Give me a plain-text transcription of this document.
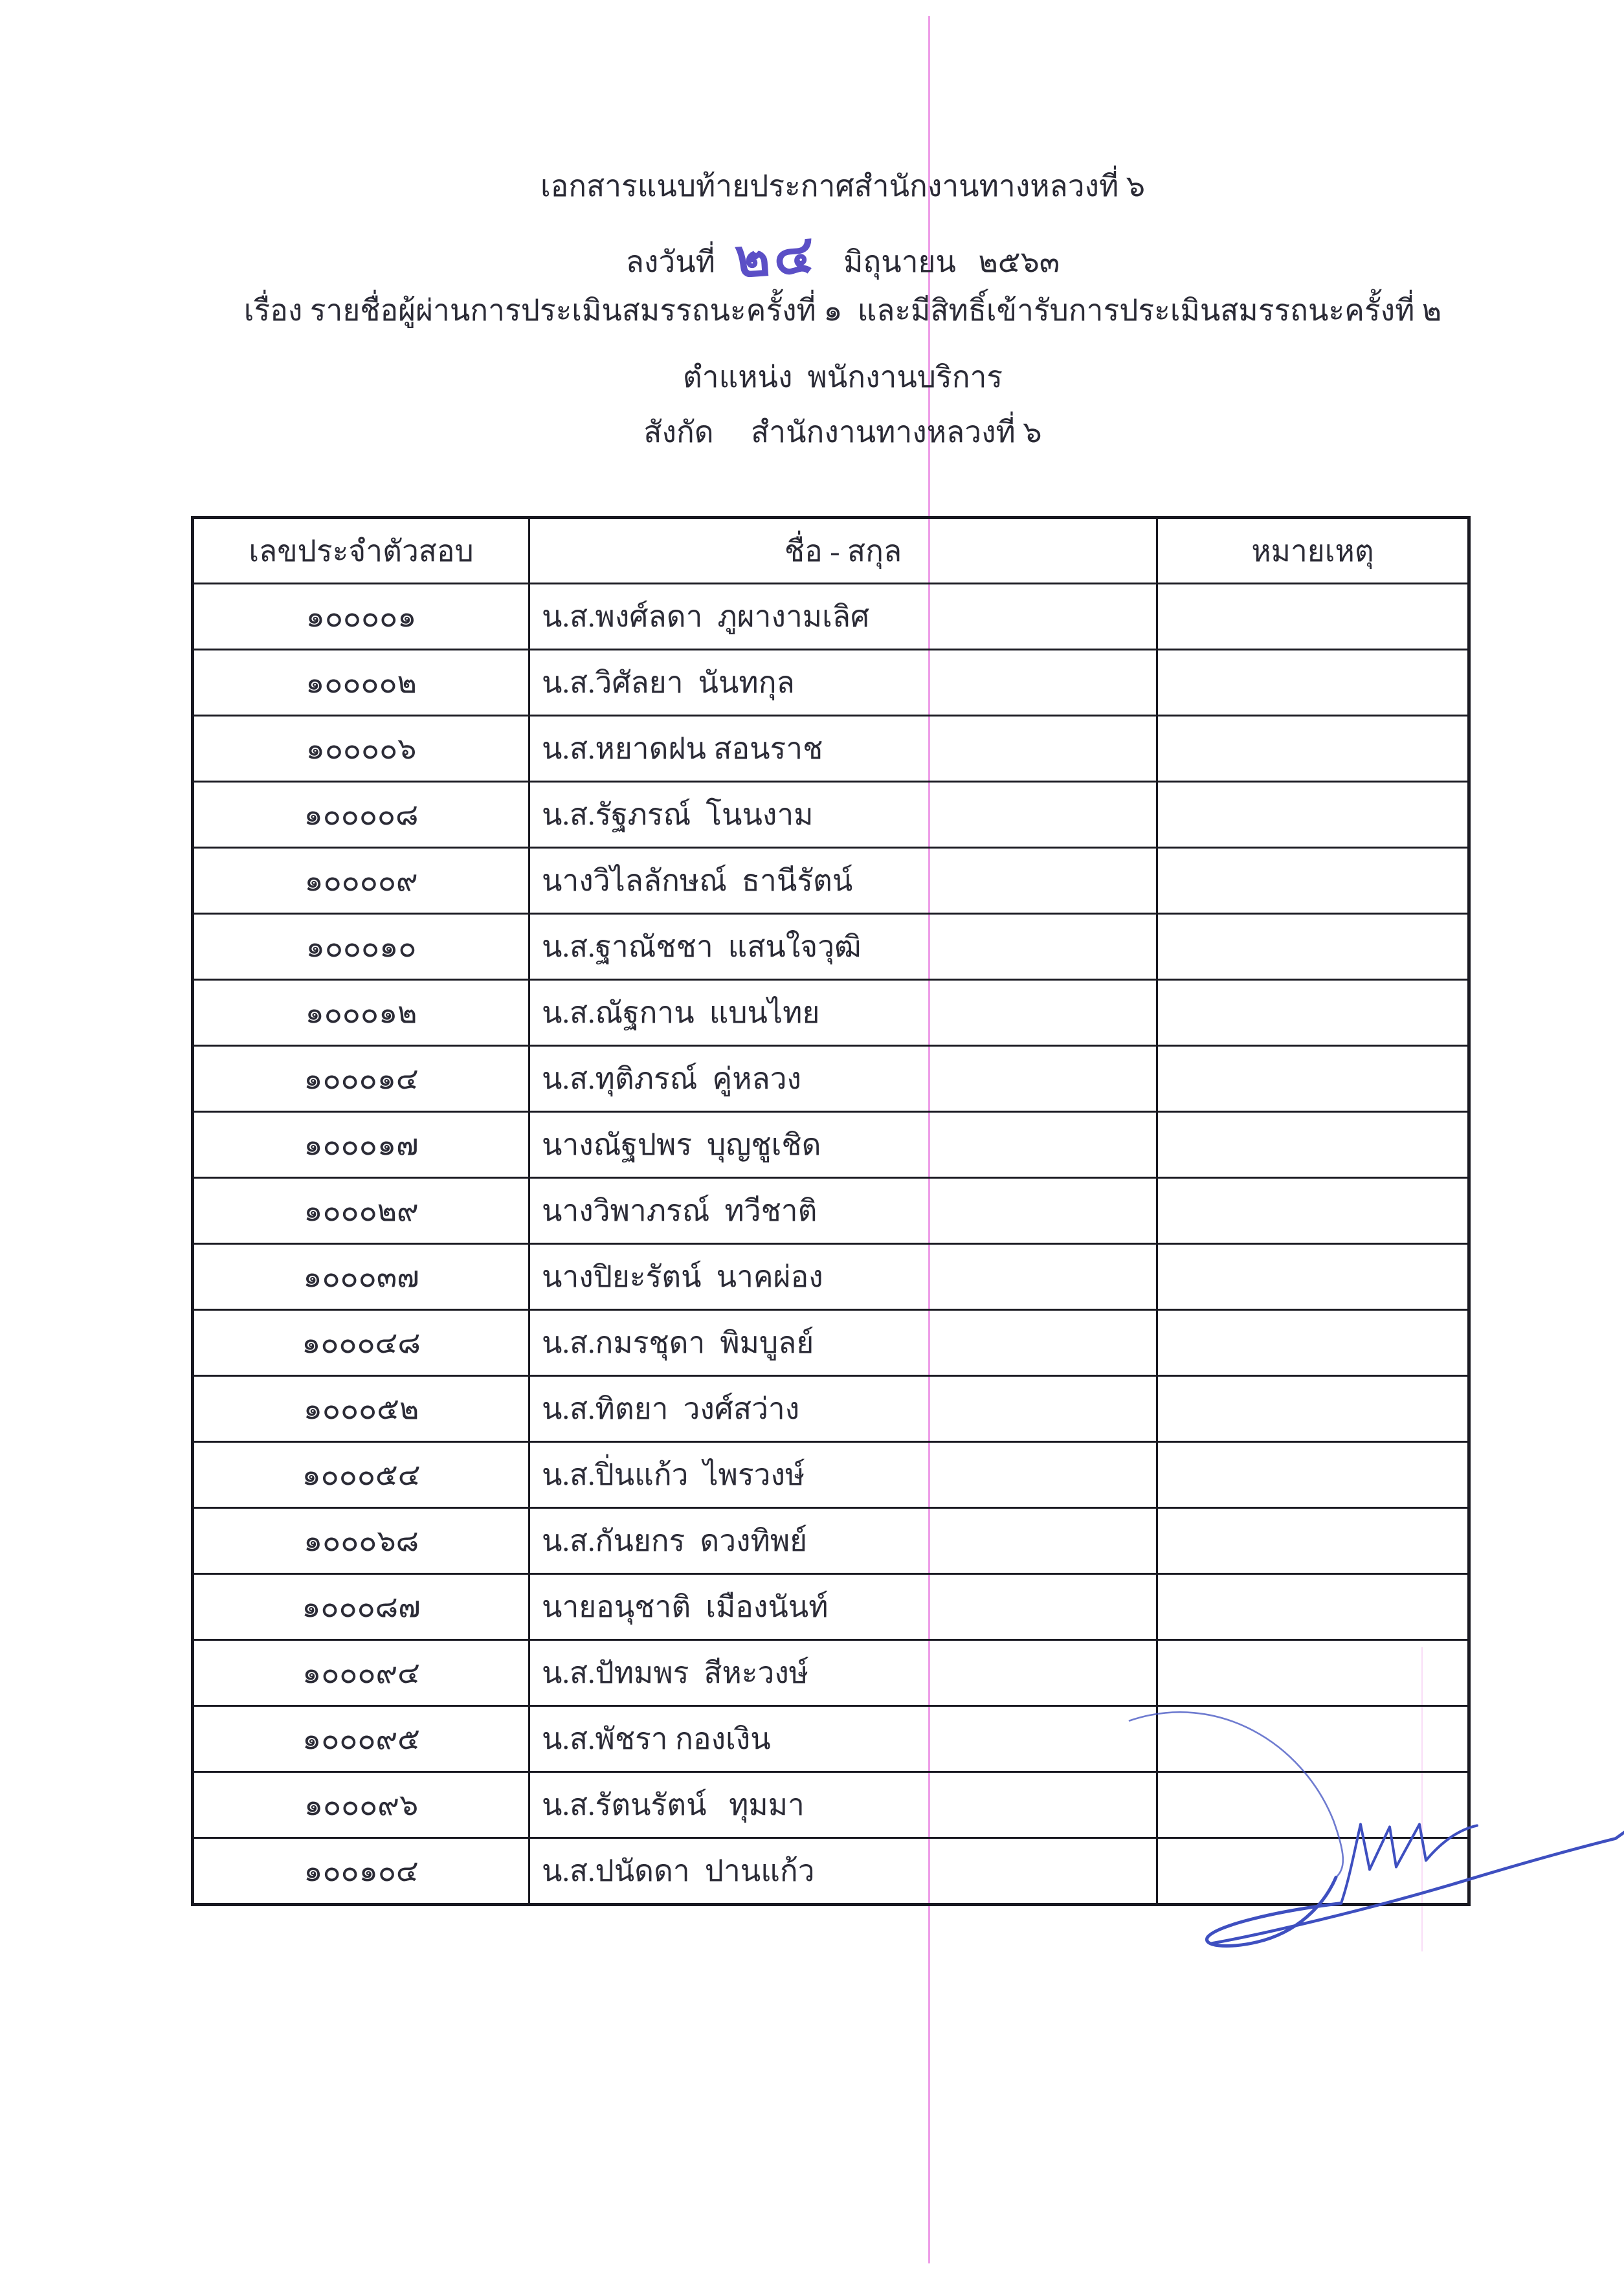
เอกสารแนบท้ายประกาศสำนักงานทางหลวงที่ ๖
ลงวันที่ ๒๔ มิถุนายน   ๒๕๖๓
เรื่อง รายชื่อผู้ผ่านการประเมินสมรรถนะครั้งที่ ๑  และมีสิทธิ์เข้ารับการประเมินสมรรถนะครั้งที่ ๒
ตำแหน่ง  พนักงานบริการ
สังกัด     สำนักงานทางหลวงที่ ๖
เลขประจำตัวสอบ	ชื่อ - สกุล	หมายเหตุ
๑๐๐๐๐๑	น.ส.พงศ์ลดา  ภูผางามเลิศ	
๑๐๐๐๐๒	น.ส.วิศัลยา  นันทกุล	
๑๐๐๐๐๖	น.ส.หยาดฝน สอนราช	
๑๐๐๐๐๘	น.ส.รัฐภรณ์  โนนงาม	
๑๐๐๐๐๙	นางวิไลลักษณ์  ธานีรัตน์	
๑๐๐๐๑๐	น.ส.ฐาณัชชา  แสนใจวุฒิ	
๑๐๐๐๑๒	น.ส.ณัฐกาน  แบนไทย	
๑๐๐๐๑๔	น.ส.ทุติภรณ์  คู่หลวง	
๑๐๐๐๑๗	นางณัฐปพร  บุญชูเชิด	
๑๐๐๐๒๙	นางวิพาภรณ์  ทวีชาติ	
๑๐๐๐๓๗	นางปิยะรัตน์  นาคผ่อง	
๑๐๐๐๔๘	น.ส.กมรชุดา  พิมบูลย์	
๑๐๐๐๕๒	น.ส.ทิตยา  วงศ์สว่าง	
๑๐๐๐๕๔	น.ส.ปิ่นแก้ว  ไพรวงษ์	
๑๐๐๐๖๘	น.ส.กันยกร  ดวงทิพย์	
๑๐๐๐๘๗	นายอนุชาติ  เมืองนันท์	
๑๐๐๐๙๔	น.ส.ปัทมพร  สีหะวงษ์	
๑๐๐๐๙๕	น.ส.พัชรา กองเงิน	
๑๐๐๐๙๖	น.ส.รัตนรัตน์   ทุมมา	
๑๐๐๑๐๔	น.ส.ปนัดดา  ปานแก้ว	
